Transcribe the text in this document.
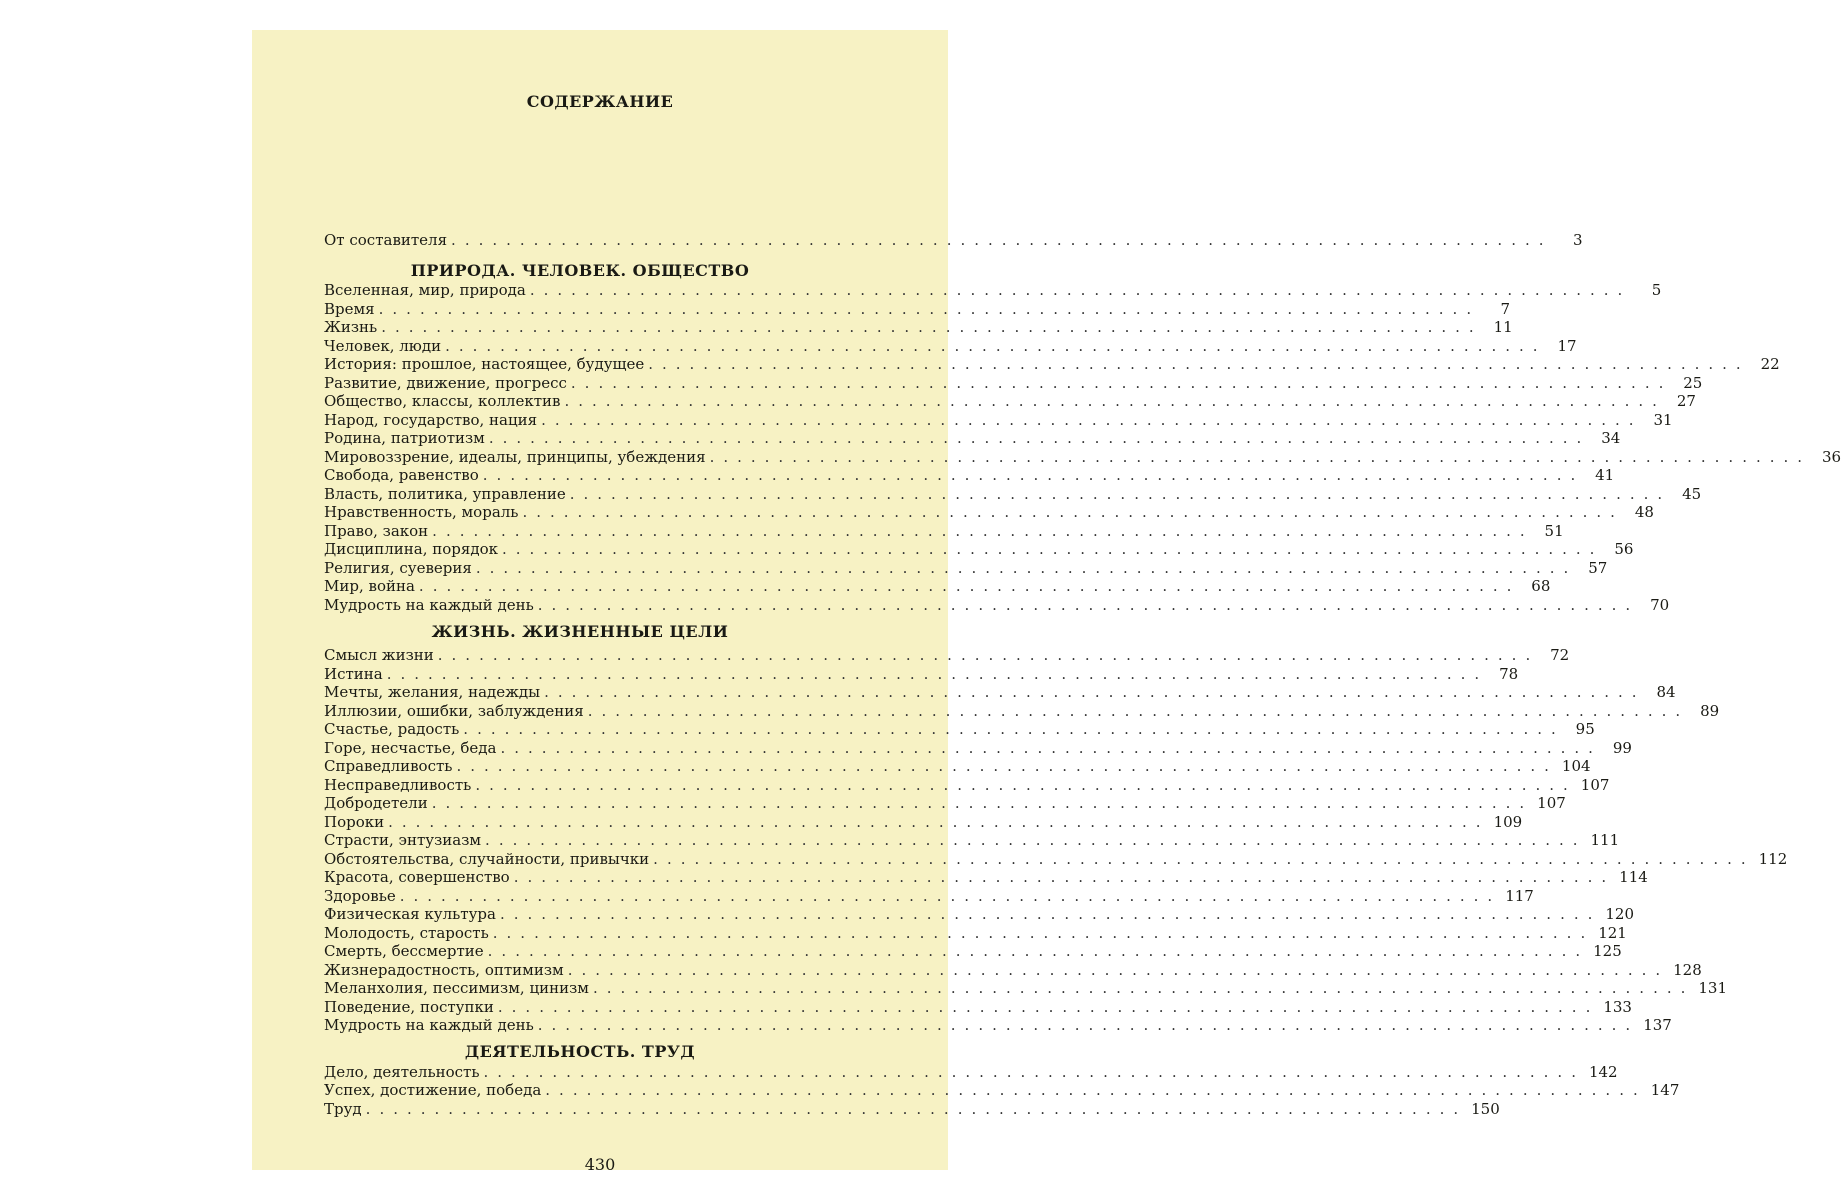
СОДЕРЖАНИЕ
От составителя ................................................................................	3
ПРИРОДА. ЧЕЛОВЕК. ОБЩЕСТВО
Вселенная, мир, природа ................................................................................	5
Время ................................................................................	7
Жизнь ................................................................................ 11
Человек, люди ................................................................................ 17
История: прошлое, настоящее, будущее ................................................................................ 22
Развитие, движение, прогресс ................................................................................ 25
Общество, классы, коллектив ................................................................................ 27
Народ, государство, нация ................................................................................ 31
Родина, патриотизм ................................................................................ 34
Мировоззрение, идеалы, принципы, убеждения ................................................................................ 36
Свобода, равенство ................................................................................ 41
Власть, политика, управление ................................................................................ 45
Нравственность, мораль ................................................................................ 48
Право, закон ................................................................................ 51
Дисциплина, порядок ................................................................................ 56
Религия, суеверия ................................................................................ 57
Мир, война ................................................................................ 68
Мудрость на каждый день ................................................................................ 70
ЖИЗНЬ. ЖИЗНЕННЫЕ ЦЕЛИ
Смысл жизни ................................................................................ 72
Истина ................................................................................ 78
Мечты, желания, надежды ................................................................................ 84
Иллюзии, ошибки, заблуждения ................................................................................ 89
Счастье, радость ................................................................................ 95
Горе, несчастье, беда ................................................................................ 99
Справедливость ................................................................................ 104
Несправедливость ................................................................................ 107
Добродетели ................................................................................ 107
Пороки ................................................................................ 109
Страсти, энтузиазм ................................................................................ 111
Обстоятельства, случайности, привычки ................................................................................ 112
Красота, совершенство ................................................................................ 114
Здоровье ................................................................................ 117
Физическая культура ................................................................................ 120
Молодость, старость ................................................................................ 121
Смерть, бессмертие ................................................................................ 125
Жизнерадостность, оптимизм ................................................................................ 128
Меланхолия, пессимизм, цинизм ................................................................................ 131
Поведение, поступки ................................................................................ 133
Мудрость на каждый день ................................................................................ 137
ДЕЯТЕЛЬНОСТЬ. ТРУД
Дело, деятельность ................................................................................ 142
Успех, достижение, победа ................................................................................ 147
Труд ................................................................................ 150
430
